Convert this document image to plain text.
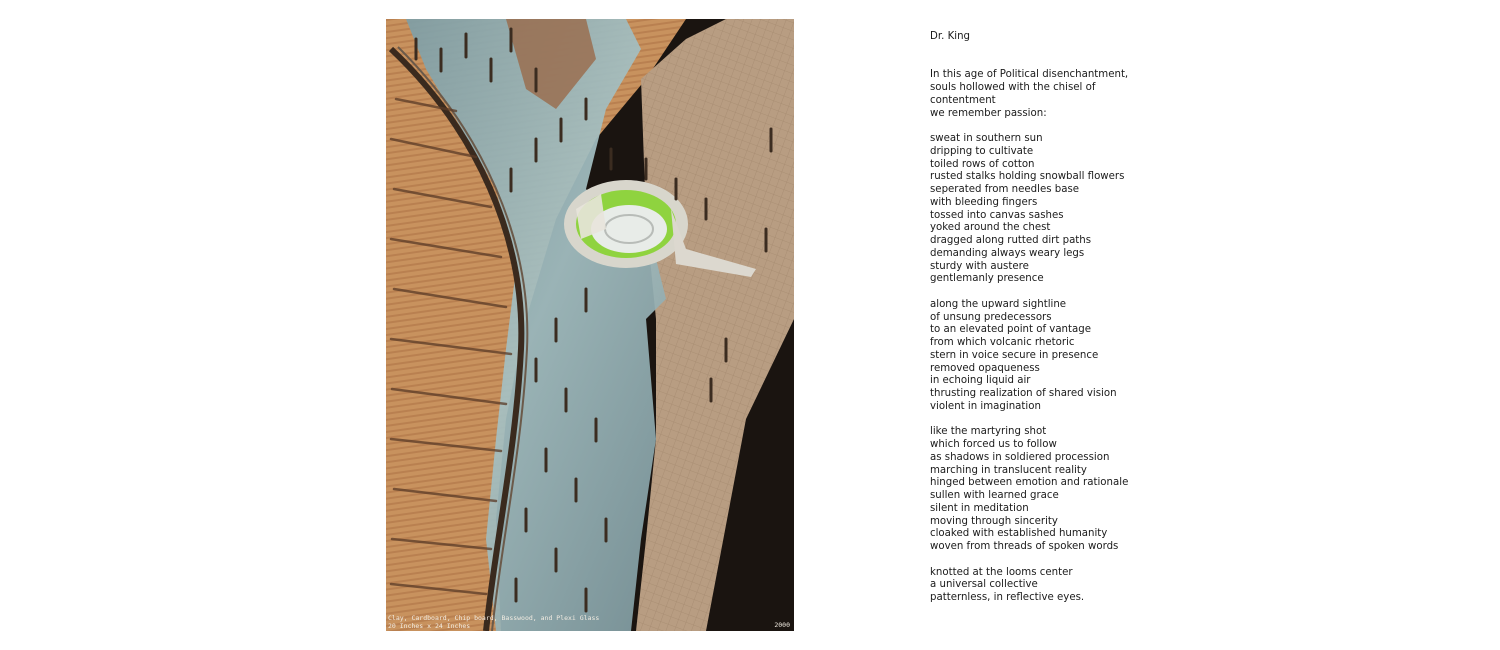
Clay, Cardboard, Chip board, Basswood, and Plexi Glass
20 Inches x 24 Inches	2000
Dr. King
In this age of Political disenchantment,
souls hollowed with the chisel of
contentment
we remember passion:
sweat in southern sun
dripping to cultivate
toiled rows of cotton
rusted stalks holding snowball flowers
seperated from needles base
with bleeding fingers
tossed into canvas sashes
yoked around the chest
dragged along rutted dirt paths
demanding always weary legs
sturdy with austere
gentlemanly presence
along the upward sightline
of unsung predecessors
to an elevated point of vantage
from which volcanic rhetoric
stern in voice secure in presence
removed opaqueness
in echoing liquid air
thrusting realization of shared vision
violent in imagination
like the martyring shot
which forced us to follow
as shadows in soldiered procession
marching in translucent reality
hinged between emotion and rationale
sullen with learned grace
silent in meditation
moving through sincerity
cloaked with established humanity
woven from threads of spoken words
knotted at the looms center
a universal collective
patternless, in reflective eyes.
